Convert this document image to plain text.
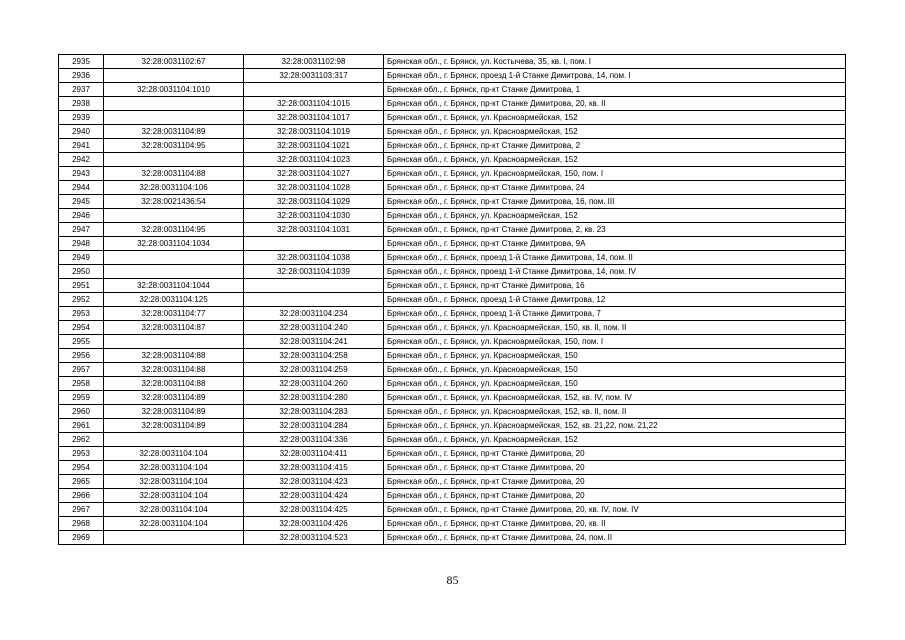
2935	32:28:0031102:67	32:28:0031102:98	Брянская обл., г. Брянск, ул. Костычева, 35, кв. I, пом. I
2936		32:28:0031103:317	Брянская обл., г. Брянск, проезд 1-й Станке Димитрова, 14, пом. I
2937	32:28:0031104:1010		Брянская обл., г. Брянск, пр-кт Станке Димитрова, 1
2938		32:28:0031104:1015	Брянская обл., г. Брянск, пр-кт Станке Димитрова, 20, кв. II
2939		32:28:0031104:1017	Брянская обл., г. Брянск, ул. Красноармейская, 152
2940	32:28:0031104:89	32:28:0031104:1019	Брянская обл., г. Брянск, ул. Красноармейская, 152
2941	32:28:0031104:95	32:28:0031104:1021	Брянская обл., г. Брянск, пр-кт Станке Димитрова, 2
2942		32:28:0031104:1023	Брянская обл., г. Брянск, ул. Красноармейская, 152
2943	32:28:0031104:88	32:28:0031104:1027	Брянская обл., г. Брянск, ул. Красноармейская, 150, пом. I
2944	32:28:0031104:106	32:28:0031104:1028	Брянская обл., г. Брянск, пр-кт Станке Димитрова, 24
2945	32:28:0021436:54	32:28:0031104:1029	Брянская обл., г. Брянск, пр-кт Станке Димитрова, 16, пом. III
2946		32:28:0031104:1030	Брянская обл., г. Брянск, ул. Красноармейская, 152
2947	32:28:0031104:95	32:28:0031104:1031	Брянская обл., г. Брянск, пр-кт Станке Димитрова, 2, кв. 23
2948	32:28:0031104:1034		Брянская обл., г. Брянск, пр-кт Станке Димитрова, 9А
2949		32:28:0031104:1038	Брянская обл., г. Брянск, проезд 1-й Станке Димитрова, 14, пом. II
2950		32:28:0031104:1039	Брянская обл., г. Брянск, проезд 1-й Станке Димитрова, 14, пом. IV
2951	32:28:0031104:1044		Брянская обл., г. Брянск, пр-кт Станке Димитрова, 16
2952	32:28:0031104:125		Брянская обл., г. Брянск, проезд 1-й Станке Димитрова, 12
2953	32:28:0031104:77	32:28:0031104:234	Брянская обл., г. Брянск, проезд 1-й Станке Димитрова, 7
2954	32:28:0031104:87	32:28:0031104:240	Брянская обл., г. Брянск, ул. Красноармейская, 150, кв. II, пом. II
2955		32:28:0031104:241	Брянская обл., г. Брянск, ул. Красноармейская, 150, пом. I
2956	32:28:0031104:88	32:28:0031104:258	Брянская обл., г. Брянск, ул. Красноармейская, 150
2957	32:28:0031104:88	32:28:0031104:259	Брянская обл., г. Брянск, ул. Красноармейская, 150
2958	32:28:0031104:88	32:28:0031104:260	Брянская обл., г. Брянск, ул. Красноармейская, 150
2959	32:28:0031104:89	32:28:0031104:280	Брянская обл., г. Брянск, ул. Красноармейская, 152, кв. IV, пом. IV
2960	32:28:0031104:89	32:28:0031104:283	Брянская обл., г. Брянск, ул. Красноармейская, 152, кв. II, пом. II
2961	32:28:0031104:89	32:28:0031104:284	Брянская обл., г. Брянск, ул. Красноармейская, 152, кв. 21,22, пом. 21,22
2962		32:28:0031104:336	Брянская обл., г. Брянск, ул. Красноармейская, 152
2953	32:28:0031104:104	32:28:0031104:411	Брянская обл., г. Брянск, пр-кт Станке Димитрова, 20
2954	32:28:0031104:104	32:28:0031104:415	Брянская обл., г. Брянск, пр-кт Станке Димитрова, 20
2965	32:28:0031104:104	32:28:0031104:423	Брянская обл., г. Брянск, пр-кт Станке Димитрова, 20
2966	32:28:0031104:104	32:28:0031104:424	Брянская обл., г. Брянск, пр-кт Станке Димитрова, 20
2967	32:28:0031104:104	32:28:0031104:425	Брянская обл., г. Брянск, пр-кт Станке Димитрова, 20, кв. IV, пом. IV
2968	32:28:0031104:104	32:28:0031104:426	Брянская обл., г. Брянск, пр-кт Станке Димитрова, 20, кв. II
2969		32:28:0031104:523	Брянская обл., г. Брянск, пр-кт Станке Димитрова, 24, пом. II
85
